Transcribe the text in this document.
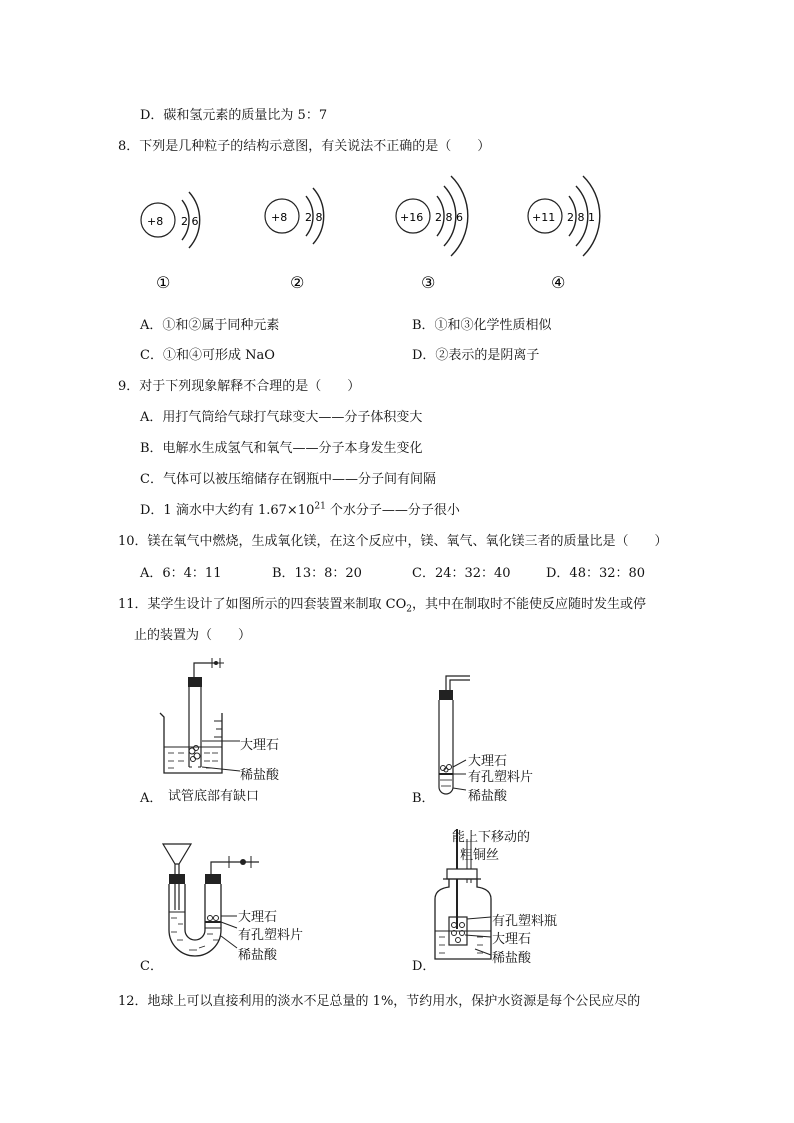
D．碳和氢元素的质量比为 5：7
8．下列是几种粒子的结构示意图，有关说法不正确的是（　　）
+8 2 6	+8 2 8	+16 2 8 6	+11 2 8 1
①	②	③	④
A．①和②属于同种元素	B．①和③化学性质相似
C．①和④可形成 NaO	D．②表示的是阴离子
9．对于下列现象解释不合理的是（　　）
A．用打气筒给气球打气球变大——分子体积变大
B．电解水生成氢气和氧气——分子本身发生变化
C．气体可以被压缩储存在钢瓶中——分子间有间隔
D．1 滴水中大约有 $1.67\times 10^{21}$ 个水分子——分子很小
10．镁在氧气中燃烧，生成氧化镁，在这个反应中，镁、氧气、氧化镁三者的质量比是（　　）
A．6：4：11	B．13：8：20	C．24：32：40	D．48：32：80
11．某学生设计了如图所示的四套装置来制取 $CO_2$，其中在制取时不能使反应随时发生或停
止的装置为（　　）
大理石
稀盐酸
A． 试管底部有缺口
大理石
有孔塑料片
稀盐酸
B．
大理石
有孔塑料片
稀盐酸
C．
能上下移动的
粗铜丝
有孔塑料瓶
大理石
稀盐酸
D．
12．地球上可以直接利用的淡水不足总量的 1%，节约用水，保护水资源是每个公民应尽的
